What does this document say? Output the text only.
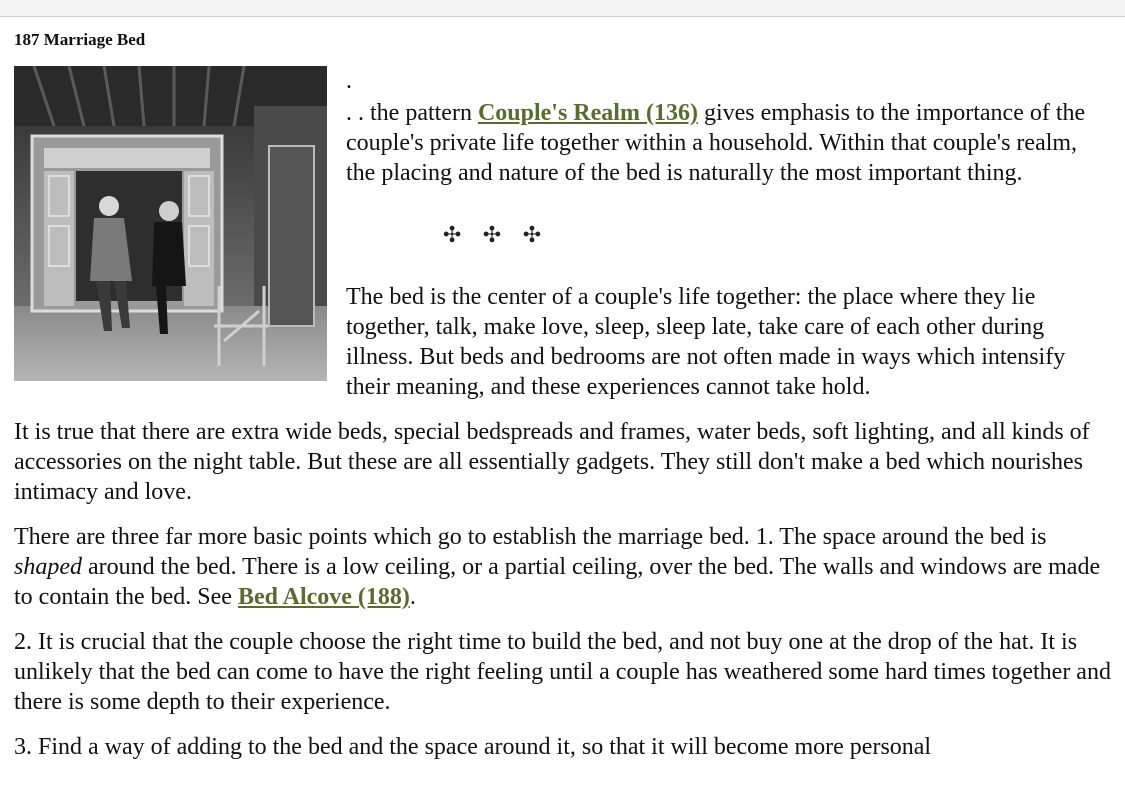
187 Marriage Bed
.

. . the pattern Couple's Realm (136) gives emphasis to the importance of the couple's private life together within a household. Within that couple's realm, the placing and nature of the bed is naturally the most important thing.

✣ ✣ ✣

The bed is the center of a couple's life together: the place where they lie together, talk, make love, sleep, sleep late, take care of each other during illness. But beds and bedrooms are not often made in ways which intensify their meaning, and these experiences cannot take hold.

It is true that there are extra wide beds, special bedspreads and frames, water beds, soft lighting, and all kinds of accessories on the night table. But these are all essentially gadgets. They still don't make a bed which nourishes intimacy and love.

There are three far more basic points which go to establish the marriage bed. 1. The space around the bed is shaped around the bed. There is a low ceiling, or a partial ceiling, over the bed. The walls and windows are made to contain the bed. See Bed Alcove (188).

2. It is crucial that the couple choose the right time to build the bed, and not buy one at the drop of the hat. It is unlikely that the bed can come to have the right feeling until a couple has weathered some hard times together and there is some depth to their experience.

3. Find a way of adding to the bed and the space around it, so that it will become more personal
